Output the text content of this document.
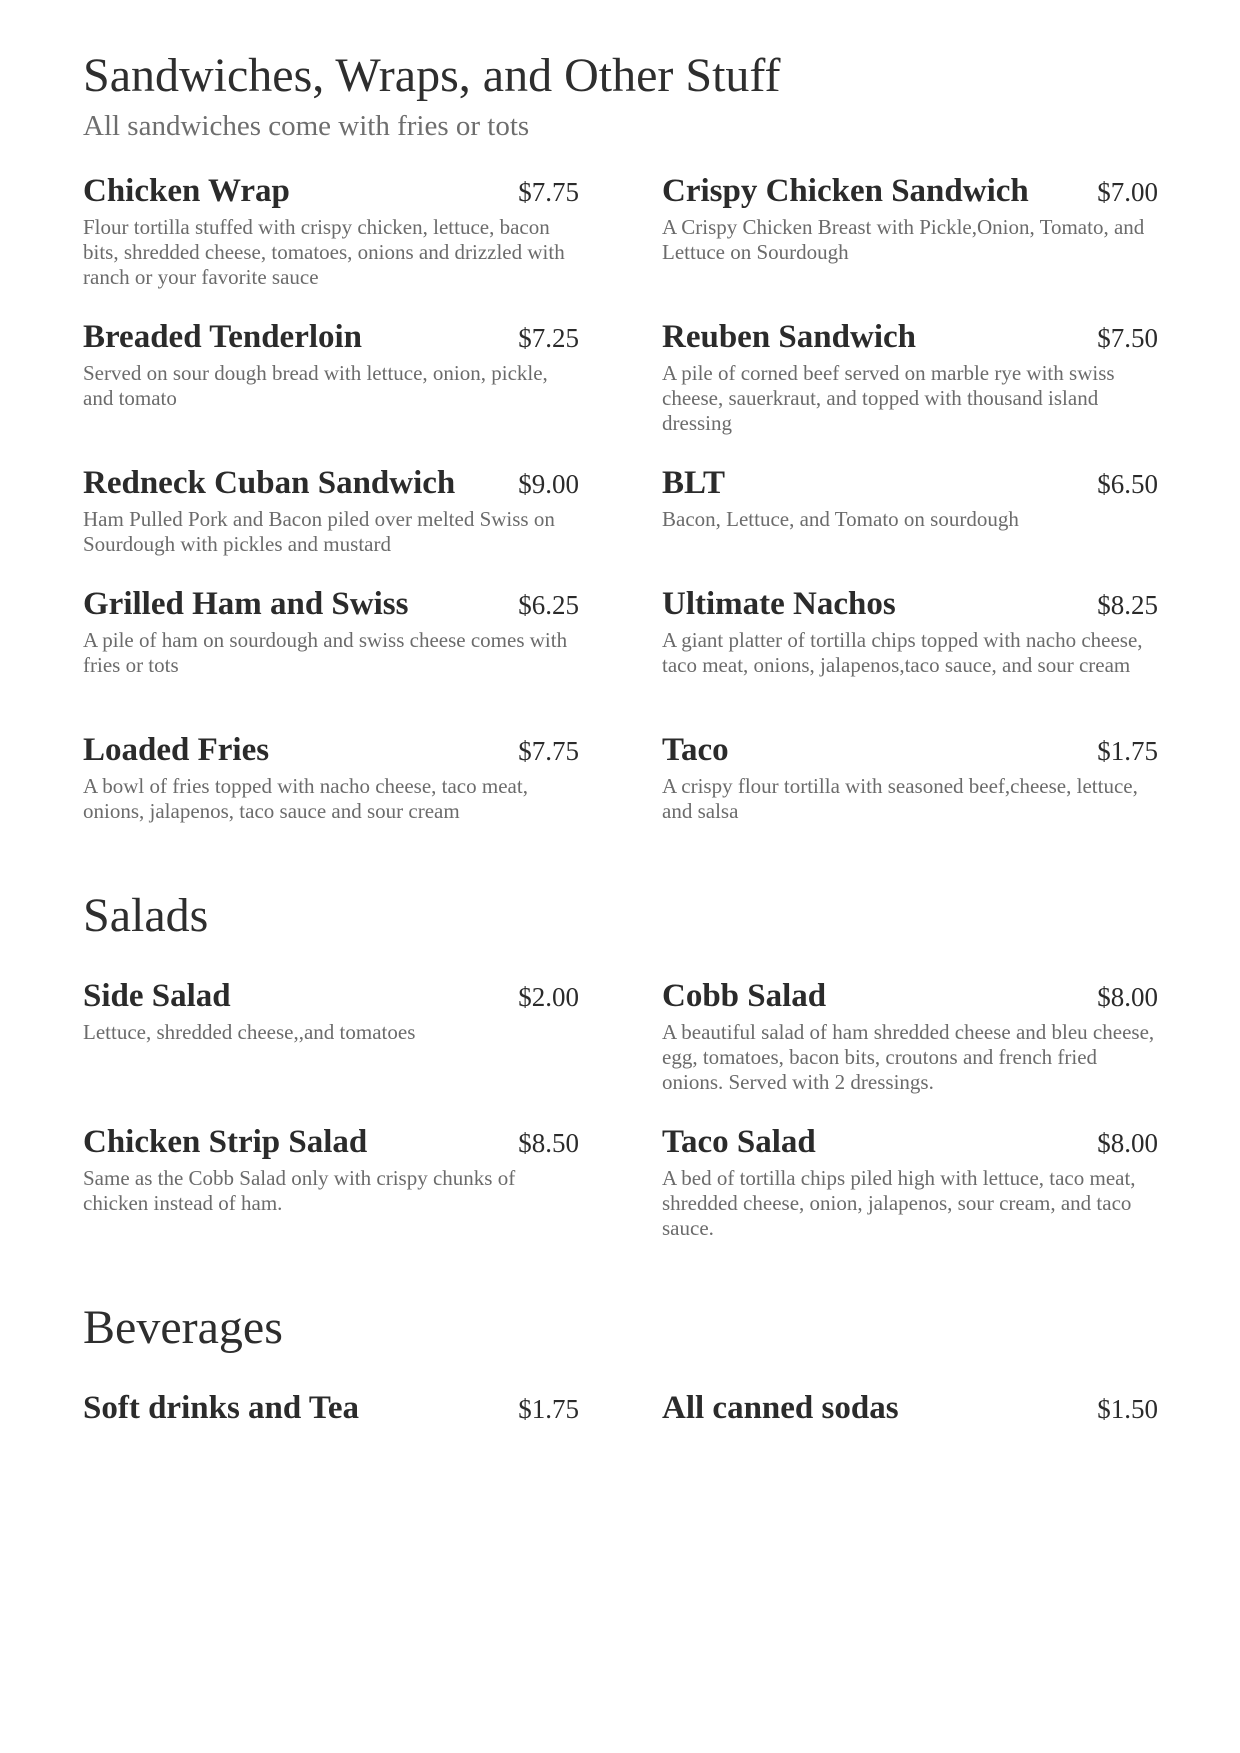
Sandwiches, Wraps, and Other Stuff
All sandwiches come with fries or tots
Chicken Wrap	$7.75
Flour tortilla stuffed with crispy chicken, lettuce, bacon bits, shredded cheese, tomatoes, onions and drizzled with ranch or your favorite sauce
Crispy Chicken Sandwich	$7.00
A Crispy Chicken Breast with Pickle,Onion, Tomato, and Lettuce on Sourdough
Breaded Tenderloin	$7.25
Served on sour dough bread with lettuce, onion, pickle, and tomato
Reuben Sandwich	$7.50
A pile of corned beef served on marble rye with swiss cheese, sauerkraut, and topped with thousand island dressing
Redneck Cuban Sandwich $9.00
Ham Pulled Pork and Bacon piled over melted Swiss on Sourdough with pickles and mustard
BLT	$6.50
Bacon, Lettuce, and Tomato on sourdough
Grilled Ham and Swiss	$6.25
A pile of ham on sourdough and swiss cheese comes with fries or tots
Ultimate Nachos	$8.25
A giant platter of tortilla chips topped with nacho cheese, taco meat, onions, jalapenos,taco sauce, and sour cream
Loaded Fries	$7.75
A bowl of fries topped with nacho cheese, taco meat, onions, jalapenos, taco sauce and sour cream
Taco	$1.75
A crispy flour tortilla with seasoned beef,cheese, lettuce, and salsa
Salads
Side Salad	$2.00
Lettuce, shredded cheese,,and tomatoes
Cobb Salad	$8.00
A beautiful salad of ham shredded cheese and bleu cheese, egg, tomatoes, bacon bits, croutons and french fried onions. Served with 2 dressings.
Chicken Strip Salad	$8.50
Same as the Cobb Salad only with crispy chunks of chicken instead of ham.
Taco Salad	$8.00
A bed of tortilla chips piled high with lettuce, taco meat, shredded cheese, onion, jalapenos, sour cream, and taco sauce.
Beverages
Soft drinks and Tea	$1.75	All canned sodas	$1.50
